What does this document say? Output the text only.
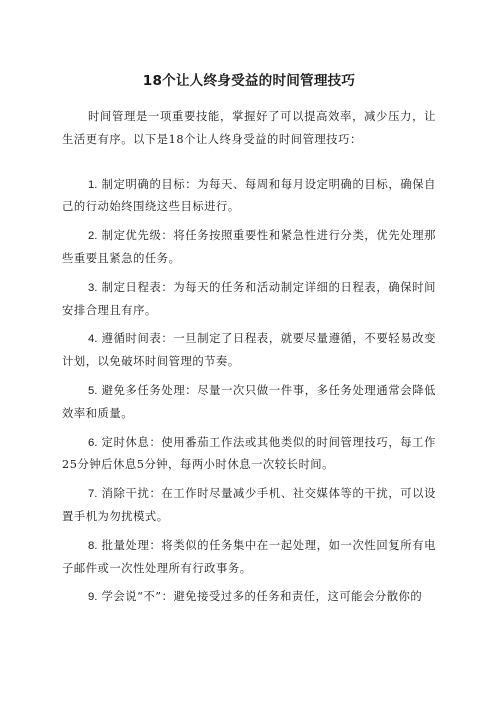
18个让人终身受益的时间管理技巧

时间管理是一项重要技能，掌握好了可以提高效率，减少压力，让生活更有序。以下是18个让人终身受益的时间管理技巧：

1. 制定明确的目标：为每天、每周和每月设定明确的目标，确保自己的行动始终围绕这些目标进行。
2. 制定优先级：将任务按照重要性和紧急性进行分类，优先处理那些重要且紧急的任务。
3. 制定日程表：为每天的任务和活动制定详细的日程表，确保时间安排合理且有序。
4. 遵循时间表：一旦制定了日程表，就要尽量遵循，不要轻易改变计划，以免破坏时间管理的节奏。
5. 避免多任务处理：尽量一次只做一件事，多任务处理通常会降低效率和质量。
6. 定时休息：使用番茄工作法或其他类似的时间管理技巧，每工作25分钟后休息5分钟，每两小时休息一次较长时间。
7. 消除干扰：在工作时尽量减少手机、社交媒体等的干扰，可以设置手机为勿扰模式。
8. 批量处理：将类似的任务集中在一起处理，如一次性回复所有电子邮件或一次性处理所有行政事务。
9. 学会说“不”：避免接受过多的任务和责任，这可能会分散你的
